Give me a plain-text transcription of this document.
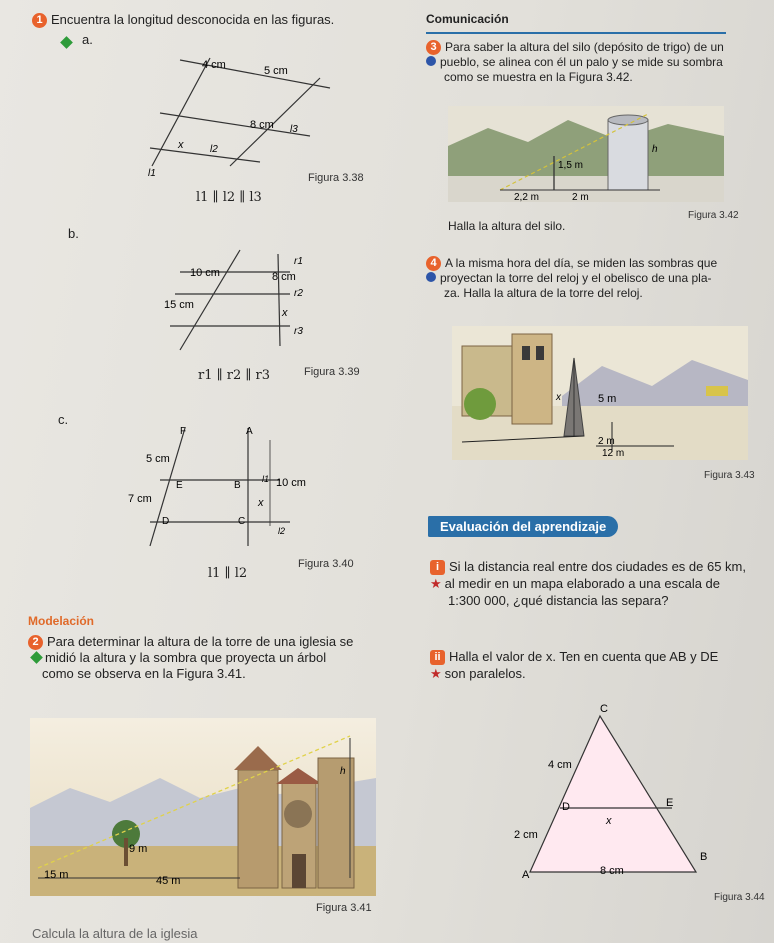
1 Encuentra la longitud desconocida en las figuras.
a.
4 cm	5 cm
8 cm
x
l3
l2
l1	Figura 3.38
l1 ∥ l2 ∥ l3
b.
10 cm	8 cm
15 cm
x
r1
r2
r3
r1 ∥ r2 ∥ r3	Figura 3.39
c.
F	A
5 cm
E	B	10 cm
7 cm	x
D	C
l1
l2
Figura 3.40
l1 ∥ l2
Modelación
2 Para determinar la altura de la torre de una iglesia se
midió la altura y la sombra que proyecta un árbol
como se observa en la Figura 3.41.
9 m
15 m	45 m
h
Figura 3.41
Calcula la altura de la iglesia
Comunicación
3 Para saber la altura del silo (depósito de trigo) de un
pueblo, se alinea con él un palo y se mide su sombra
como se muestra en la Figura 3.42.
1,5 m
2,2 m	2 m
h
Halla la altura del silo.
Figura 3.42
4 A la misma hora del día, se miden las sombras que
proyectan la torre del reloj y el obelisco de una pla-
za. Halla la altura de la torre del reloj.
x	5 m
2 m
12 m
Figura 3.43
Evaluación del aprendizaje
i Si la distancia real entre dos ciudades es de 65 km,
★ al medir en un mapa elaborado a una escala de
1:300 000, ¿qué distancia las separa?
ii Halla el valor de x. Ten en cuenta que AB y DE
★ son paralelos.
C
D	E
A
B
x
4 cm
2 cm
8 cm
Figura 3.44
